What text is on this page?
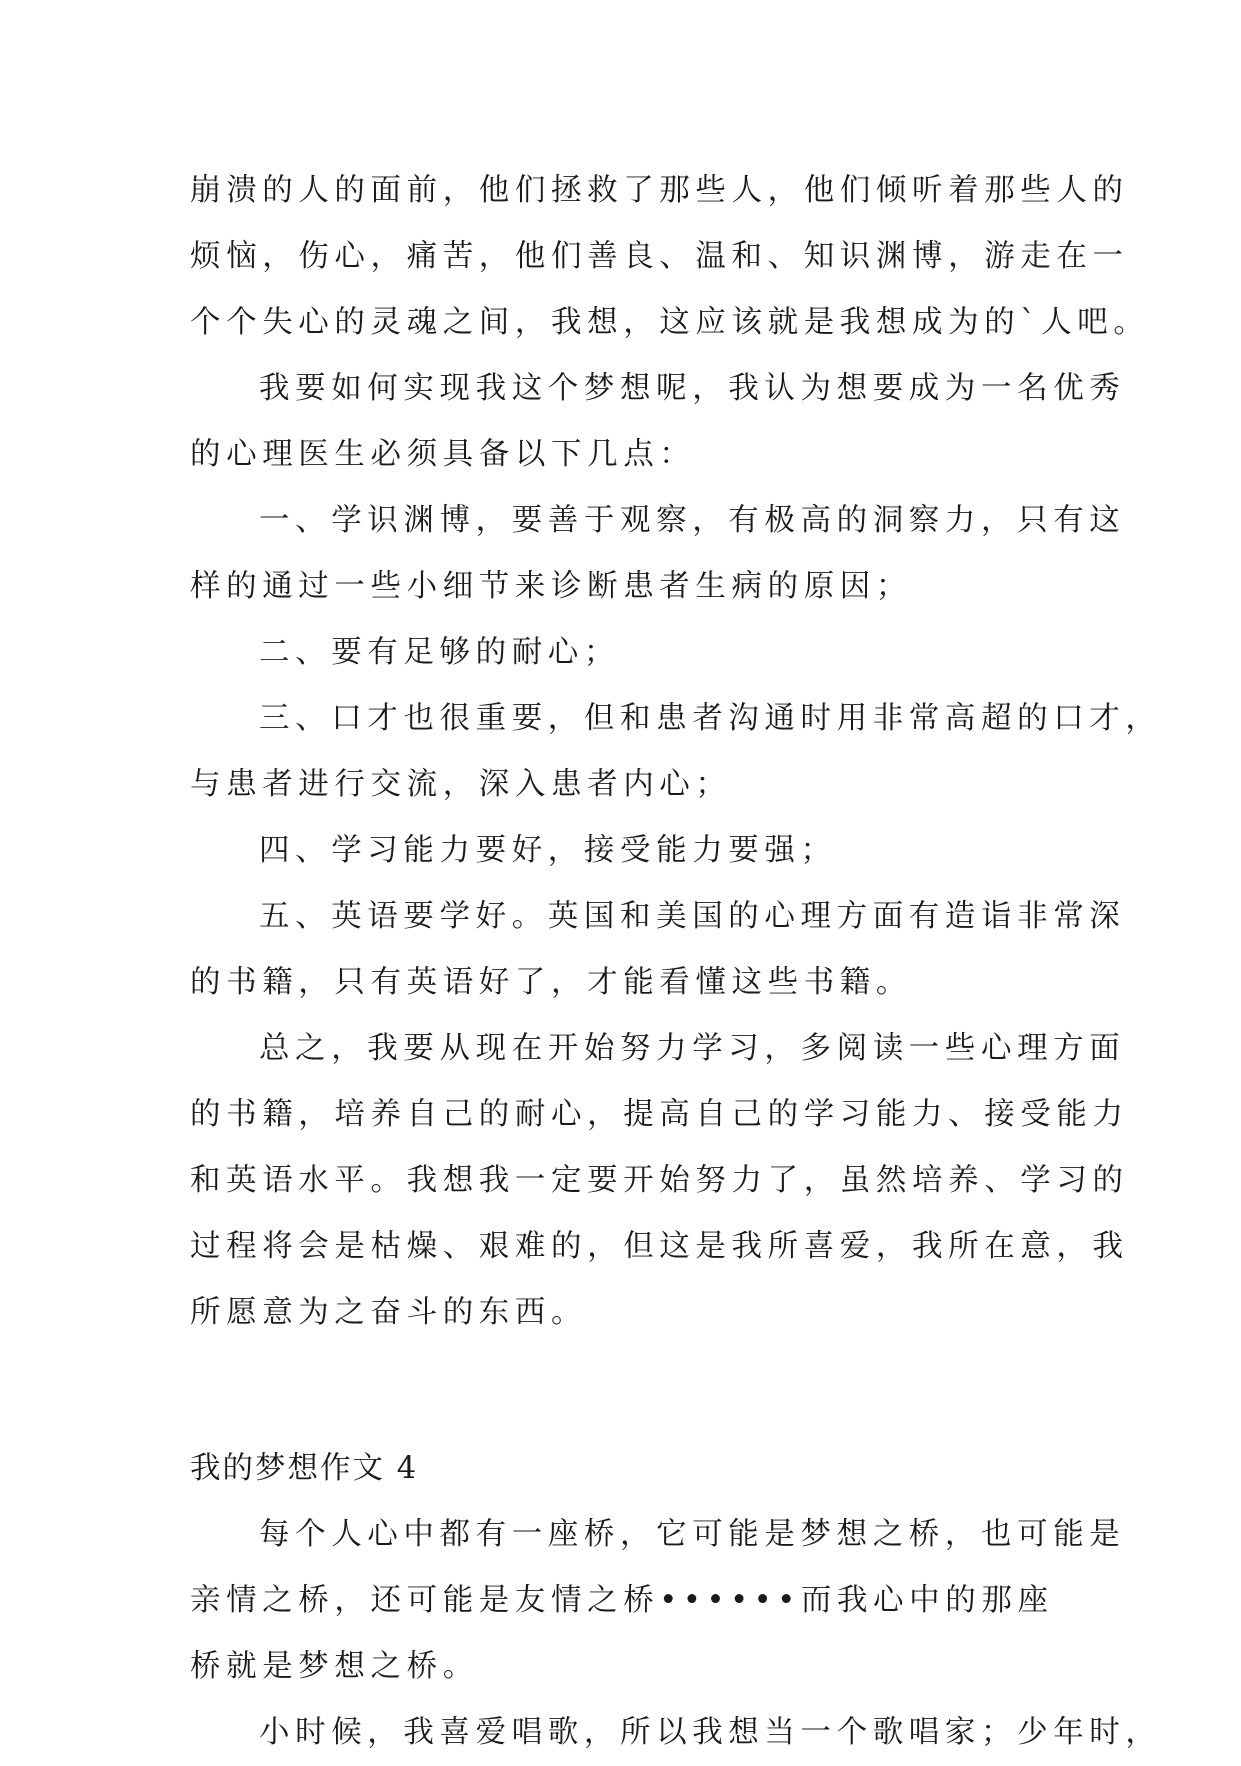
崩溃的人的面前，他们拯救了那些人，他们倾听着那些人的
烦恼，伤心，痛苦，他们善良、温和、知识渊博，游走在一
个个失心的灵魂之间，我想，这应该就是我想成为的`人吧。
我要如何实现我这个梦想呢，我认为想要成为一名优秀
的心理医生必须具备以下几点：
一、学识渊博，要善于观察，有极高的洞察力，只有这
样的通过一些小细节来诊断患者生病的原因；
二、要有足够的耐心；
三、口才也很重要，但和患者沟通时用非常高超的口才，
与患者进行交流，深入患者内心；
四、学习能力要好，接受能力要强；
五、英语要学好。英国和美国的心理方面有造诣非常深
的书籍，只有英语好了，才能看懂这些书籍。
总之，我要从现在开始努力学习，多阅读一些心理方面
的书籍，培养自己的耐心，提高自己的学习能力、接受能力
和英语水平。我想我一定要开始努力了，虽然培养、学习的
过程将会是枯燥、艰难的，但这是我所喜爱，我所在意，我
所愿意为之奋斗的东西。
我的梦想作文 4
每个人心中都有一座桥，它可能是梦想之桥，也可能是
亲情之桥，还可能是友情之桥••••••而我心中的那座
桥就是梦想之桥。
小时候，我喜爱唱歌，所以我想当一个歌唱家；少年时，
